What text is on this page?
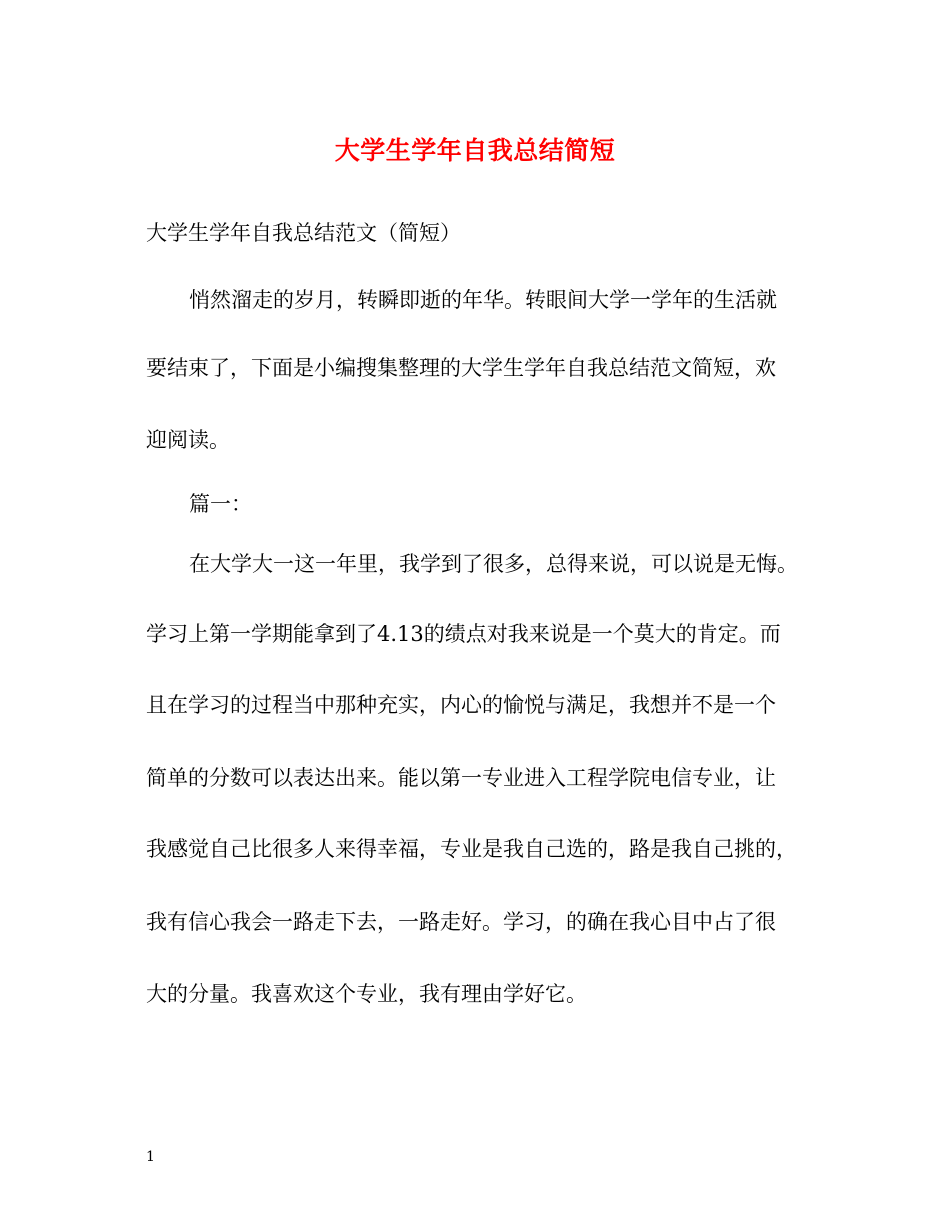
大学生学年自我总结简短
大学生学年自我总结范文（简短）
悄然溜走的岁月，转瞬即逝的年华。转眼间大学一学年的生活就
要结束了，下面是小编搜集整理的大学生学年自我总结范文简短，欢
迎阅读。
篇一：
在大学大一这一年里，我学到了很多，总得来说，可以说是无悔。
学习上第一学期能拿到了4.13的绩点对我来说是一个莫大的肯定。而
且在学习的过程当中那种充实，内心的愉悦与满足，我想并不是一个
简单的分数可以表达出来。能以第一专业进入工程学院电信专业，让
我感觉自己比很多人来得幸福，专业是我自己选的，路是我自己挑的，
我有信心我会一路走下去，一路走好。学习，的确在我心目中占了很
大的分量。我喜欢这个专业，我有理由学好它。
1
